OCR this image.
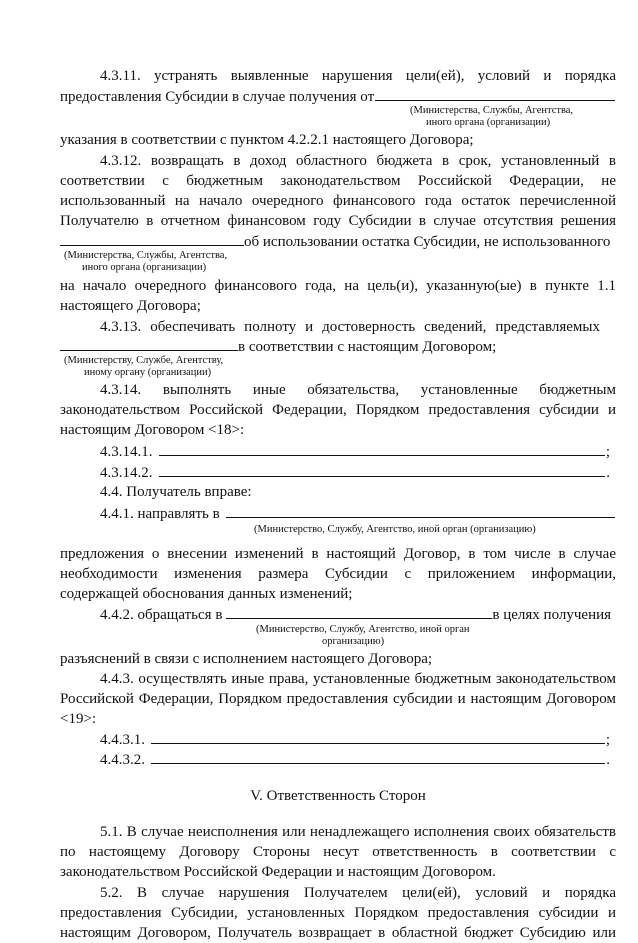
4.3.11. устранять выявленные нарушения цели(ей), условий и порядка
предоставления Субсидии в случае получения от
(Министерства, Службы, Агентства,
иного органа (организации)
указания в соответствии с пунктом 4.2.2.1 настоящего Договора;
4.3.12. возвращать в доход областного бюджета в срок, установленный в
соответствии с бюджетным законодательством Российской Федерации, не
использованный на начало очередного финансового года остаток перечисленной
Получателю в отчетном финансовом году Субсидии в случае отсутствия решения
об использовании остатка Субсидии, не использованного
(Министерства, Службы, Агентства,
иного органа (организации)
на начало очередного финансового года, на цель(и), указанную(ые) в пункте 1.1
настоящего Договора;
4.3.13. обеспечивать полноту и достоверность сведений, представляемых
в соответствии с настоящим Договором;
(Министерству, Службе, Агентству,
иному органу (организации)
4.3.14. выполнять иные обязательства, установленные бюджетным
законодательством Российской Федерации, Порядком предоставления субсидии и
настоящим Договором <18>:
4.3.14.1.	;
4.3.14.2.	.
4.4. Получатель вправе:
4.4.1. направлять в
(Министерство, Службу, Агентство, иной орган (организацию)
предложения о внесении изменений в настоящий Договор, в том числе в случае
необходимости изменения размера Субсидии с приложением информации,
содержащей обоснования данных изменений;
4.4.2. обращаться в	в целях получения
(Министерство, Службу, Агентство, иной орган
организацию)
разъяснений в связи с исполнением настоящего Договора;
4.4.3. осуществлять иные права, установленные бюджетным законодательством
Российской Федерации, Порядком предоставления субсидии и настоящим Договором
<19>:
4.4.3.1.	;
4.4.3.2.	.
V. Ответственность Сторон
5.1. В случае неисполнения или ненадлежащего исполнения своих обязательств
по настоящему Договору Стороны несут ответственность в соответствии с
законодательством Российской Федерации и настоящим Договором.
5.2. В случае нарушения Получателем цели(ей), условий и порядка
предоставления Субсидии, установленных Порядком предоставления субсидии и
настоящим Договором, Получатель возвращает в областной бюджет Субсидию или
